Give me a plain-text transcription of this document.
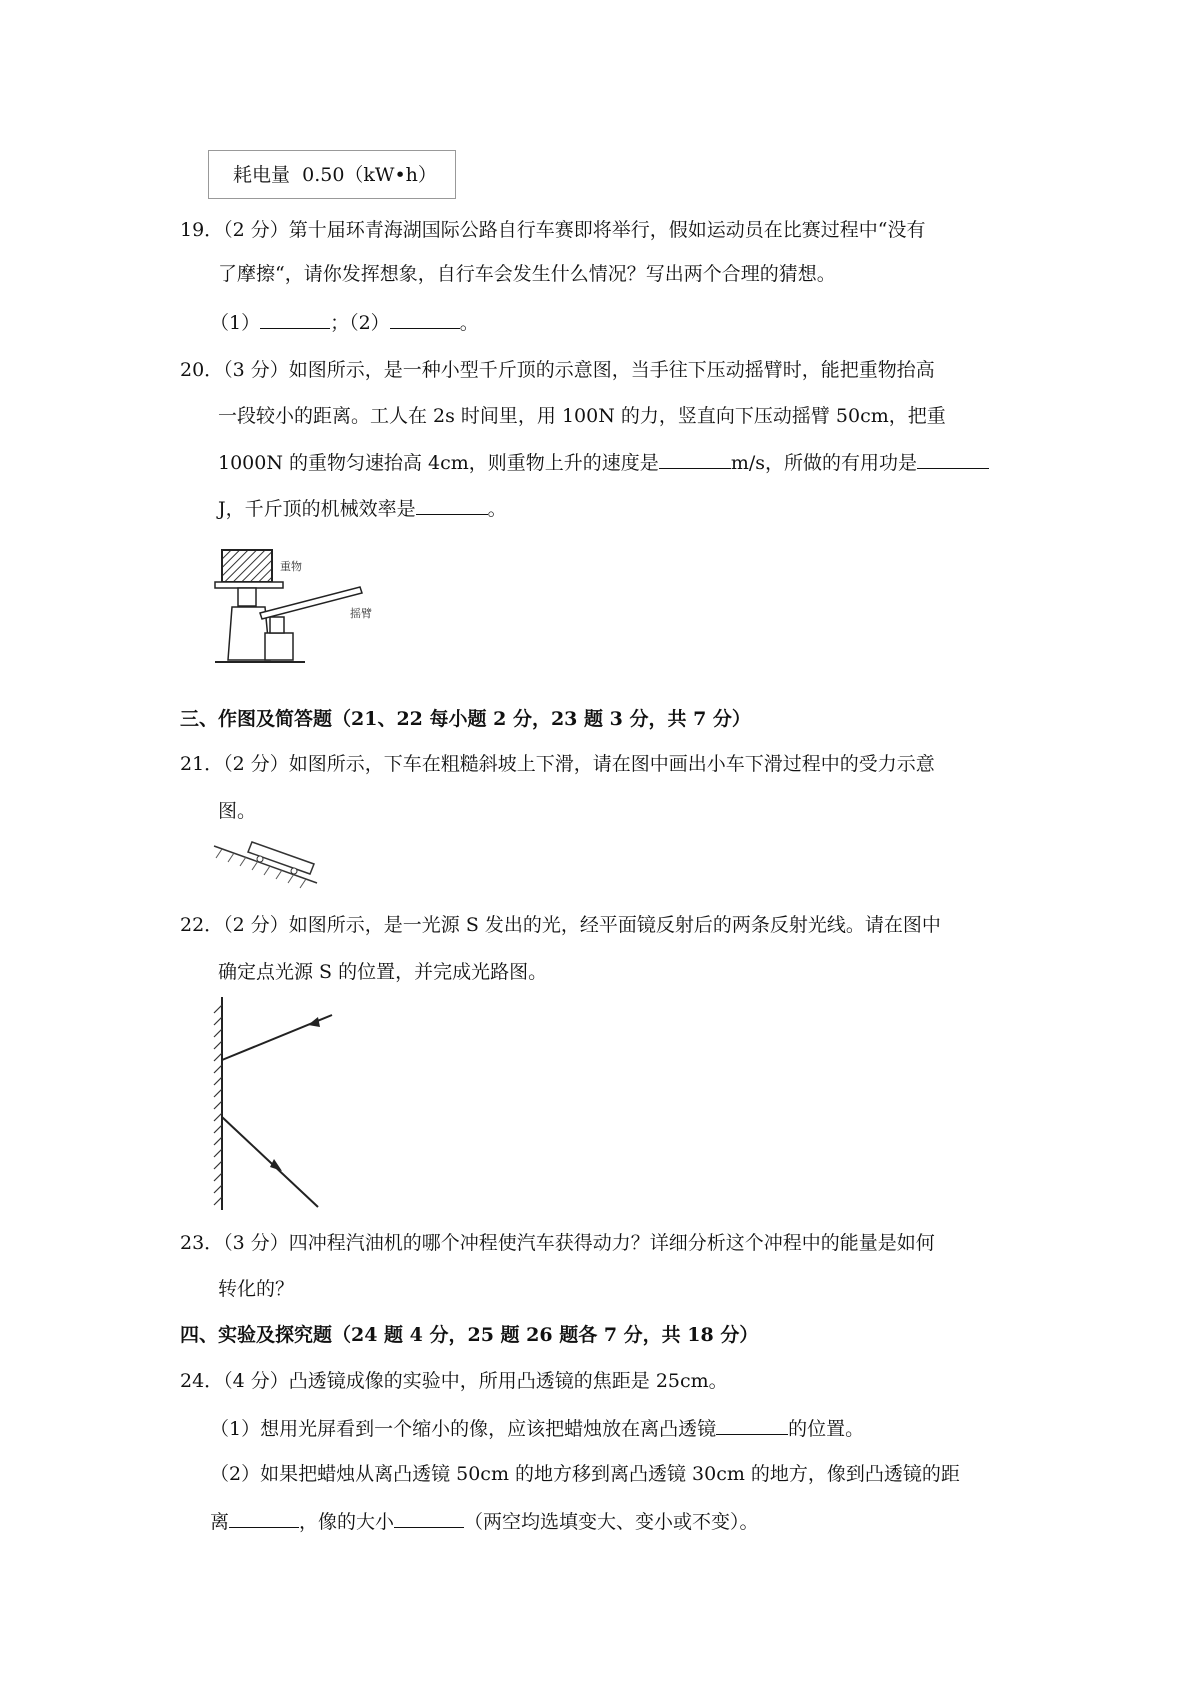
耗电量 0.50（kW•h）
19．（2 分）第十届环青海湖国际公路自行车赛即将举行，假如运动员在比赛过程中“没有
了摩擦“，请你发挥想象，自行车会发生什么情况？写出两个合理的猜想。
（1）	；（2）	。
20．（3 分）如图所示，是一种小型千斤顶的示意图，当手往下压动摇臂时，能把重物抬高
一段较小的距离。工人在 2s 时间里，用 100N 的力，竖直向下压动摇臂 50cm，把重
1000N 的重物匀速抬高 4cm，则重物上升的速度是	m/s，所做的有用功是
J，千斤顶的机械效率是	。
重物
摇臂
三、作图及简答题（21、22 每小题 2 分，23 题 3 分，共 7 分）
21．（2 分）如图所示，下车在粗糙斜坡上下滑，请在图中画出小车下滑过程中的受力示意
图。
22．（2 分）如图所示，是一光源 S 发出的光，经平面镜反射后的两条反射光线。请在图中
确定点光源 S 的位置，并完成光路图。
23．（3 分）四冲程汽油机的哪个冲程使汽车获得动力？详细分析这个冲程中的能量是如何
转化的？
四、实验及探究题（24 题 4 分，25 题 26 题各 7 分，共 18 分）
24．（4 分）凸透镜成像的实验中，所用凸透镜的焦距是 25cm。
（1）想用光屏看到一个缩小的像，应该把蜡烛放在离凸透镜	的位置。
（2）如果把蜡烛从离凸透镜 50cm 的地方移到离凸透镜 30cm 的地方，像到凸透镜的距
离	，像的大小	（两空均选填变大、变小或不变）。
